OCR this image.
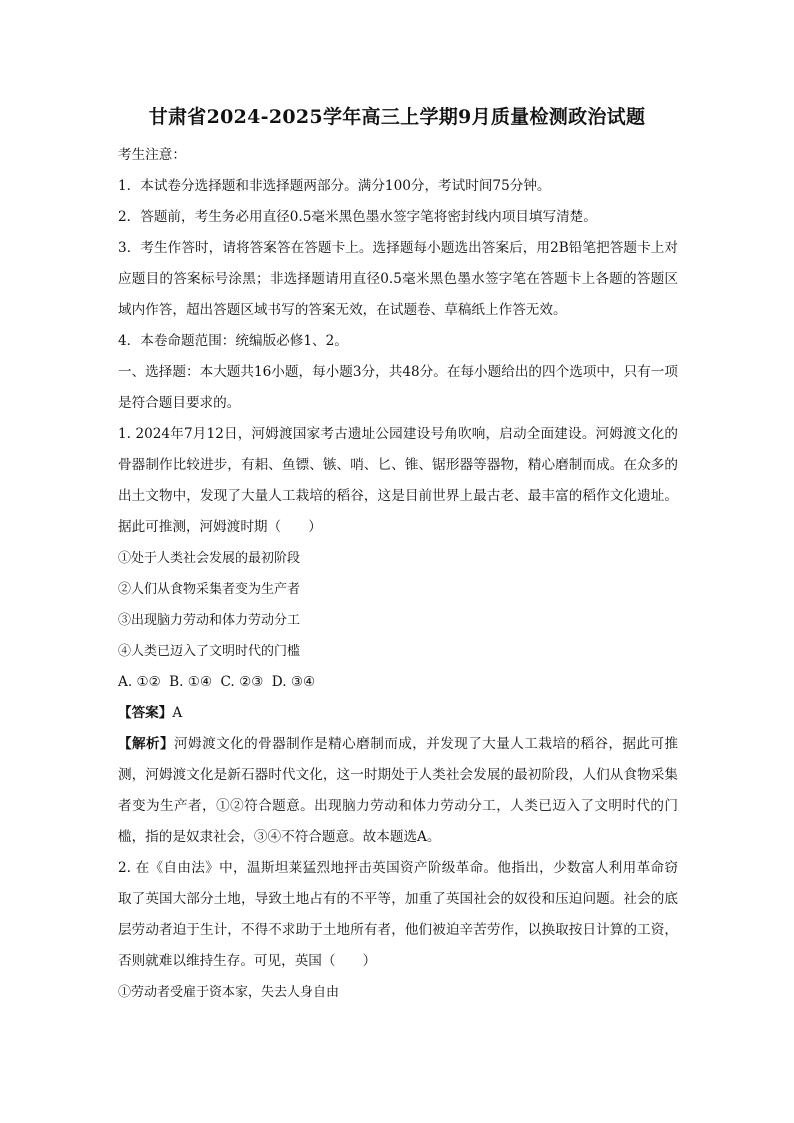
甘肃省2024-2025学年高三上学期9月质量检测政治试题

考生注意：

1．本试卷分选择题和非选择题两部分。满分100分，考试时间75分钟。

2．答题前，考生务必用直径0.5毫米黑色墨水签字笔将密封线内项目填写清楚。

3．考生作答时，请将答案答在答题卡上。选择题每小题选出答案后，用2B铅笔把答题卡上对应题目的答案标号涂黑；非选择题请用直径0.5毫米黑色墨水签字笔在答题卡上各题的答题区域内作答，超出答题区域书写的答案无效，在试题卷、草稿纸上作答无效。

4．本卷命题范围：统编版必修1、2。

一、选择题：本大题共16小题，每小题3分，共48分。在每小题给出的四个选项中，只有一项是符合题目要求的。

1. 2024年7月12日，河姆渡国家考古遗址公园建设号角吹响，启动全面建设。河姆渡文化的骨器制作比较进步，有耜、鱼镖、镞、哨、匕、锥、锯形器等器物，精心磨制而成。在众多的出土文物中，发现了大量人工栽培的稻谷，这是目前世界上最古老、最丰富的稻作文化遗址。据此可推测，河姆渡时期（　　）

①处于人类社会发展的最初阶段

②人们从食物采集者变为生产者

③出现脑力劳动和体力劳动分工

④人类已迈入了文明时代的门槛

A. ①② B. ①④ C. ②③ D. ③④

【答案】A

【解析】河姆渡文化的骨器制作是精心磨制而成，并发现了大量人工栽培的稻谷，据此可推测，河姆渡文化是新石器时代文化，这一时期处于人类社会发展的最初阶段，人们从食物采集者变为生产者，①②符合题意。出现脑力劳动和体力劳动分工，人类已迈入了文明时代的门槛，指的是奴隶社会，③④不符合题意。故本题选A。

2. 在《自由法》中，温斯坦莱猛烈地抨击英国资产阶级革命。他指出，少数富人利用革命窃取了英国大部分土地，导致土地占有的不平等，加重了英国社会的奴役和压迫问题。社会的底层劳动者迫于生计，不得不求助于土地所有者，他们被迫辛苦劳作，以换取按日计算的工资，否则就难以维持生存。可见，英国（　　）

①劳动者受雇于资本家，失去人身自由
